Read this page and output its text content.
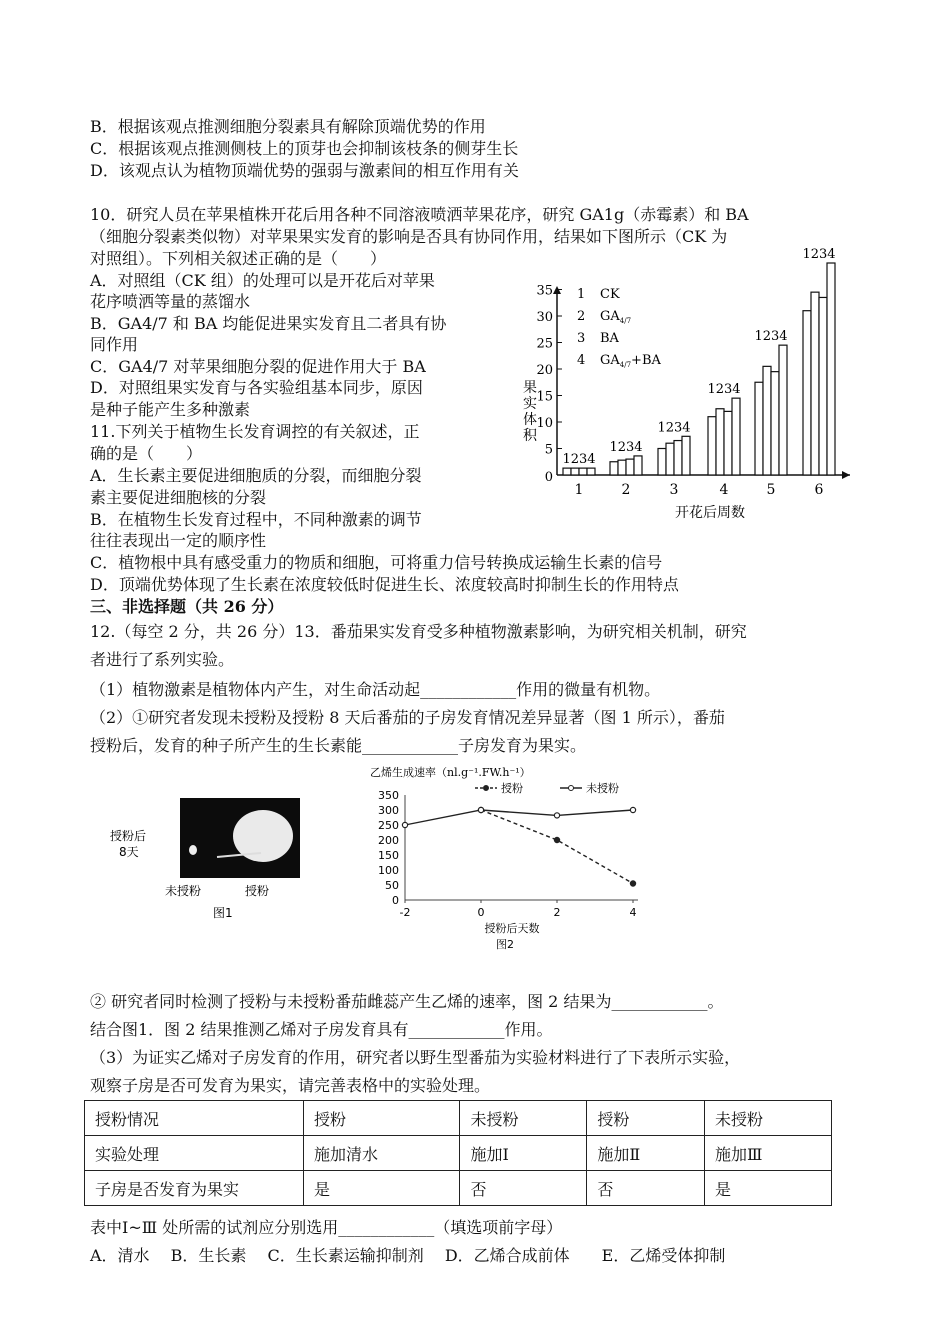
B．根据该观点推测细胞分裂素具有解除顶端优势的作用
C．根据该观点推测侧枝上的顶芽也会抑制该枝条的侧芽生长
D．该观点认为植物顶端优势的强弱与激素间的相互作用有关
10．研究人员在苹果植株开花后用各种不同溶液喷洒苹果花序，研究 GA1g（赤霉素）和 BA
（细胞分裂素类似物）对苹果果实发育的影响是否具有协同作用，结果如下图所示（CK 为
对照组）。下列相关叙述正确的是（　　）
A．对照组（CK 组）的处理可以是开花后对苹果
花序喷洒等量的蒸馏水
B．GA4/7 和 BA 均能促进果实发育且二者具有协
同作用
C．GA4/7 对苹果细胞分裂的促进作用大于 BA
D．对照组果实发育与各实验组基本同步，原因
是种子能产生多种激素
11.下列关于植物生长发育调控的有关叙述，正
确的是（　　）
A．生长素主要促进细胞质的分裂，而细胞分裂
素主要促进细胞核的分裂
B．在植物生长发育过程中，不同种激素的调节
往往表现出一定的顺序性
C．植物根中具有感受重力的物质和细胞，可将重力信号转换成运输生长素的信号
D．顶端优势体现了生长素在浓度较低时促进生长、浓度较高时抑制生长的作用特点
三、非选择题（共 26 分）
12.（每空 2 分，共 26 分）13．番茄果实发育受多种植物激素影响，为研究相关机制，研究
者进行了系列实验。
（1）植物激素是植物体内产生，对生命活动起____________作用的微量有机物。
（2）①研究者发现未授粉及授粉 8 天后番茄的子房发育情况差异显著（图 1 所示），番茄
授粉后，发育的种子所产生的生长素能____________子房发育为果实。
② 研究者同时检测了授粉与未授粉番茄雌蕊产生乙烯的速率，图 2 结果为____________。
结合图1．图 2 结果推测乙烯对子房发育具有____________作用。
（3）为证实乙烯对子房发育的作用，研究者以野生型番茄为实验材料进行了下表所示实验，
观察子房是否可发育为果实，请完善表格中的实验处理。
授粉情况	授粉	未授粉	授粉	未授粉
实验处理	施加清水	施加Ⅰ	施加Ⅱ	施加Ⅲ
子房是否发育为果实	是	否	否	是
表中Ⅰ~Ⅲ 处所需的试剂应分别选用____________（填选项前字母）
A．清水　 B．生长素　 C．生长素运输抑制剂　 D．乙烯合成前体　　E．乙烯受体抑制
0
5
10
15
20
25
30
35
果实体积
开花后周数
1	2	3	4	5	6
1234
1234
1234
1234
1234
1234
1 CK
2 $GA_{4/7}$
3 BA
4 $GA_{4/7}+BA$
授粉后
8天
未授粉	授粉
图1
乙烯生成速率（nl.g⁻¹.FW.h⁻¹）
0
50
100
150
200
250
300
350
-2	0	2	4
授粉后天数
图2
授粉	未授粉
